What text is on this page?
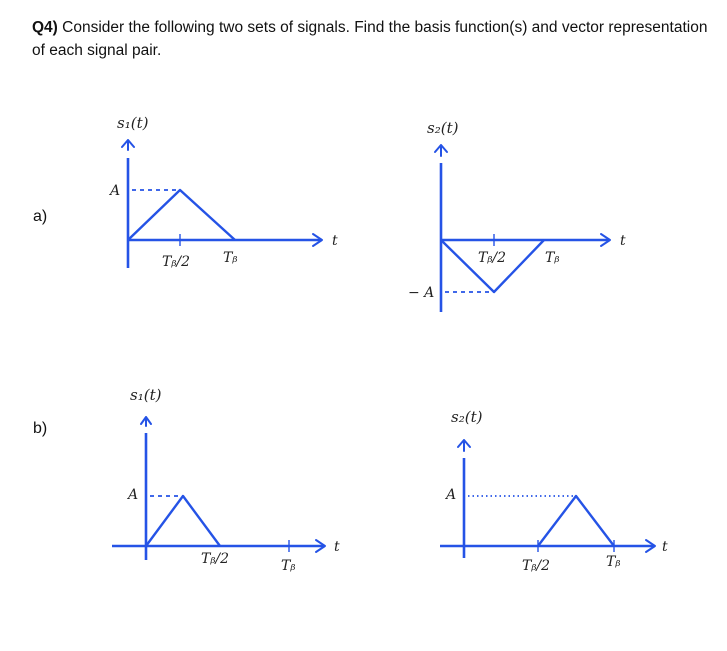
Q4) Consider the following two sets of signals. Find the basis function(s) and vector representation of each signal pair.
a)
b)
s₁(t)
A
Tᵦ/2 Tᵦ
t
s₂(t)
− A
Tᵦ/2	Tᵦ
t
s₁(t)
A
Tᵦ/2	Tᵦ
t
s₂(t)
A
Tᵦ/2	Tᵦ
t
